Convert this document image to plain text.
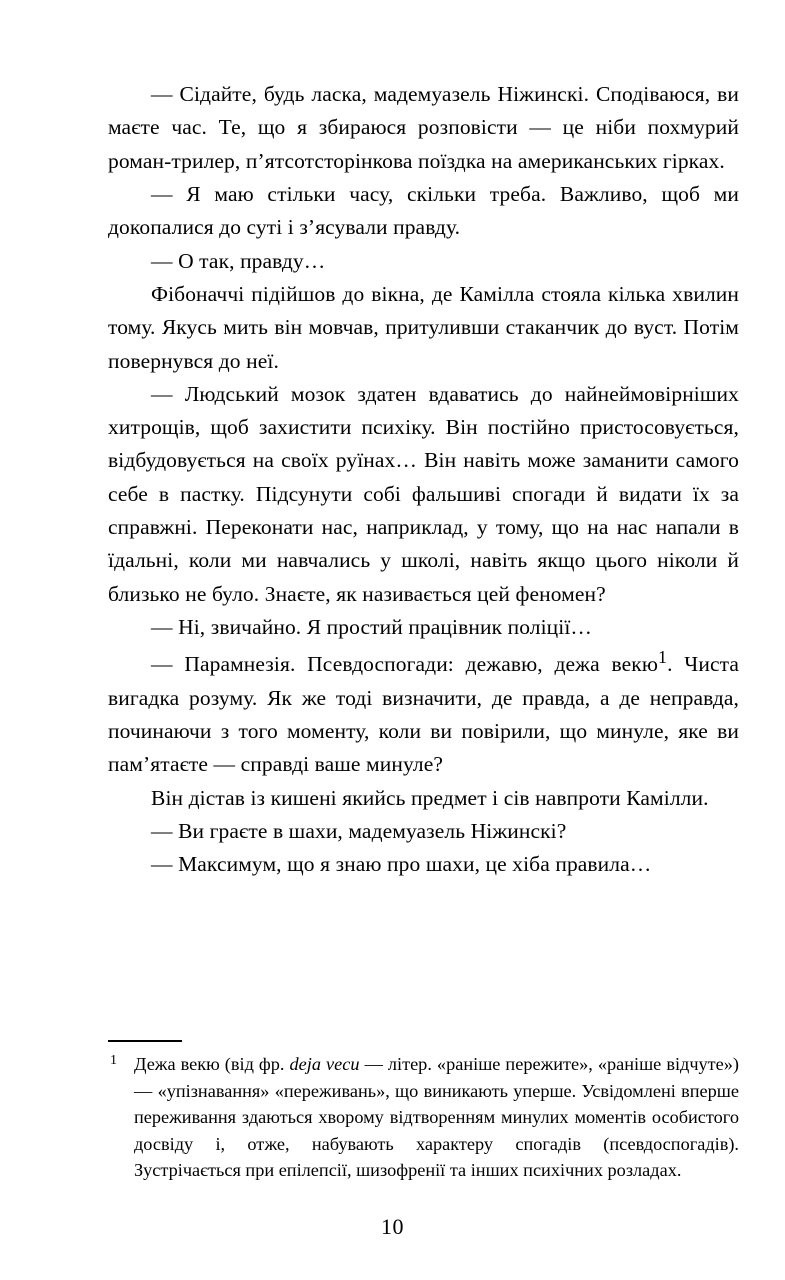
— Сідайте, будь ласка, мадемуазель Ніжинскі. Сподіваюся, ви маєте час. Те, що я збираюся розповісти — це ніби похмурий роман-трилер, п’ятсотсторінкова поїздка на американських гірках.

— Я маю стільки часу, скільки треба. Важливо, щоб ми докопалися до суті і з’ясували правду.

— О так, правду…

Фібоначчі підійшов до вікна, де Камілла стояла кілька хвилин тому. Якусь мить він мовчав, притуливши стаканчик до вуст. Потім повернувся до неї.

— Людський мозок здатен вдаватись до найнеймовірніших хитрощів, щоб захистити психіку. Він постійно пристосовується, відбудовується на своїх руїнах… Він навіть може заманити самого себе в пастку. Підсунути собі фальшиві спогади й видати їх за справжні. Переконати нас, наприклад, у тому, що на нас напали в їдальні, коли ми навчались у школі, навіть якщо цього ніколи й близько не було. Знаєте, як називається цей феномен?

— Ні, звичайно. Я простий працівник поліції…

— Парамнезія. Псевдоспогади: дежавю, дежа векю$^1$. Чиста вигадка розуму. Як же тоді визначити, де правда, а де неправда, починаючи з того моменту, коли ви повірили, що минуле, яке ви пам’ятаєте — справді ваше минуле?

Він дістав із кишені якийсь предмет і сів навпроти Камілли.

— Ви граєте в шахи, мадемуазель Ніжинскі?

— Максимум, що я знаю про шахи, це хіба правила…

1 Дежа векю (від фр. deja vecu — літер. «раніше пережите», «раніше відчуте») — «упізнавання» «переживань», що виникають уперше. Усвідомлені вперше переживання здаються хворому відтворенням минулих моментів особистого досвіду і, отже, набувають характеру спогадів (псевдоспогадів). Зустрічається при епілепсії, шизофренії та інших психічних розладах.
10
